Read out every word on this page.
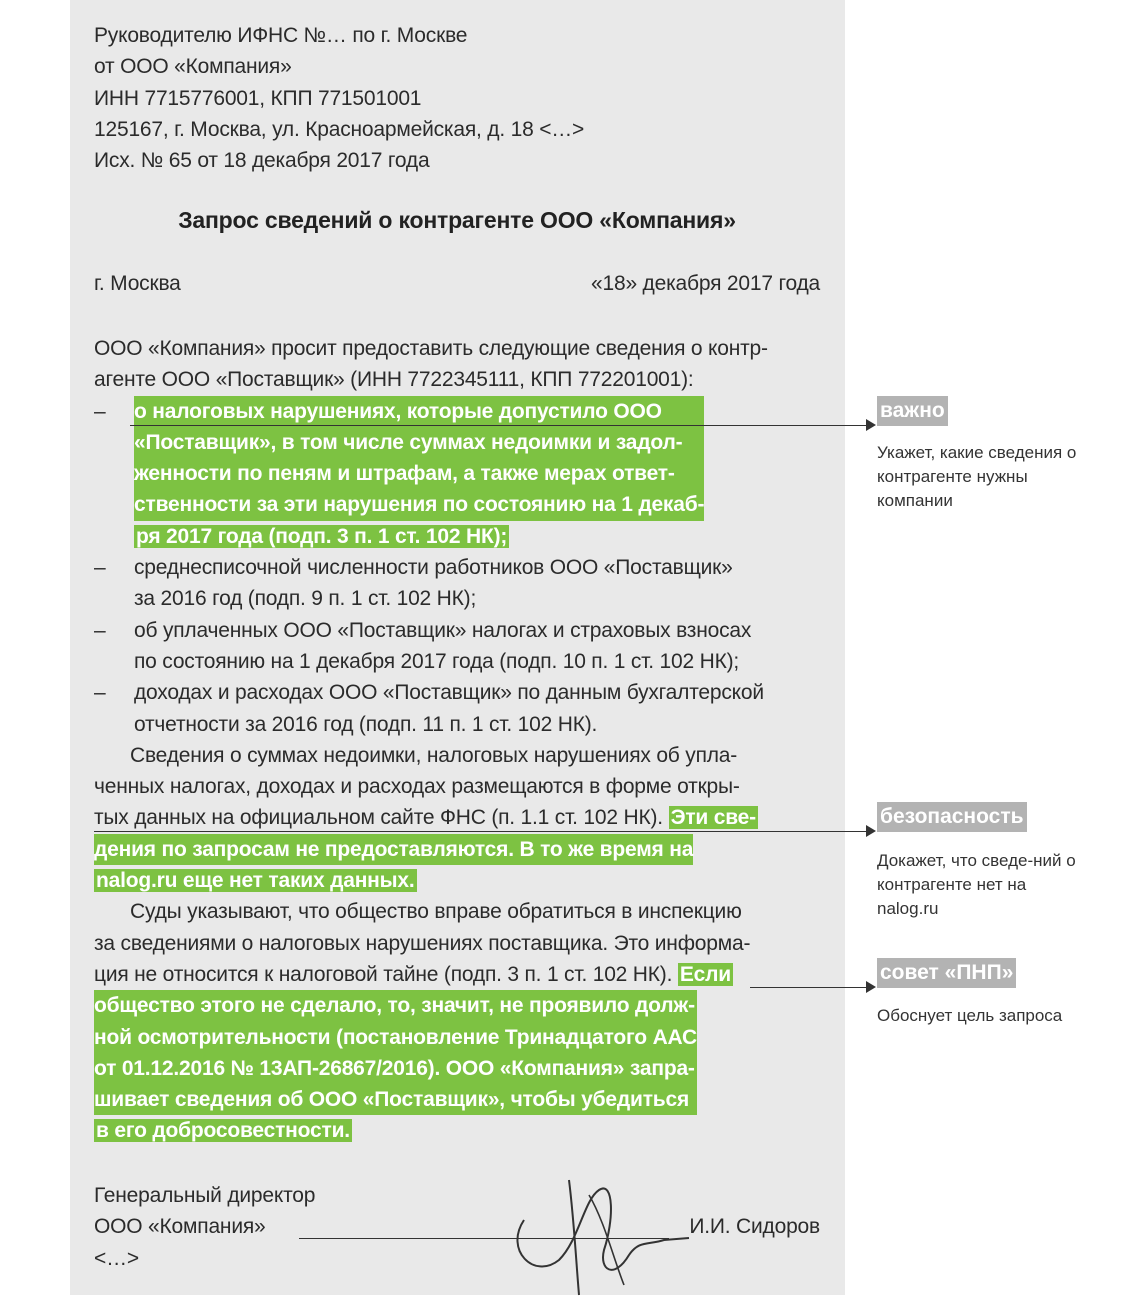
Руководителю ИФНС №… по г. Москве
от ООО «Компания»
ИНН 7715776001, КПП 771501001
125167, г. Москва, ул. Красноармейская, д. 18 <…>
Исх. № 65 от 18 декабря 2017 года
Запрос сведений о контрагенте ООО «Компания»
г. Москва	«18» декабря 2017 года
ООО «Компания» просит предоставить следующие сведения о контр-
агенте ООО «Поставщик» (ИНН 7722345111, КПП 772201001):
– о налоговых нарушениях, которые допустило ООО
«Поставщик», в том числе суммах недоимки и задол-
женности по пеням и штрафам, а также мерах ответ-
ственности за эти нарушения по состоянию на 1 декаб-

ря 2017 года (подп. 3 п. 1 ст. 102 НК);
– среднесписочной численности работников ООО «Поставщик»
за 2016 год (подп. 9 п. 1 ст. 102 НК);
– об уплаченных ООО «Поставщик» налогах и страховых взносах
по состоянию на 1 декабря 2017 года (подп. 10 п. 1 ст. 102 НК);
– доходах и расходах ООО «Поставщик» по данным бухгалтерской
отчетности за 2016 год (подп. 11 п. 1 ст. 102 НК).
Сведения о суммах недоимки, налоговых нарушениях об упла-
ченных налогах, доходах и расходах размещаются в форме откры-
тых данных на официальном сайте ФНС (п. 1.1 ст. 102 НК). Эти све-
дения по запросам не предоставляются. В то же время на

nalog.ru еще нет таких данных.
Суды указывают, что общество вправе обратиться в инспекцию
за сведениями о налоговых нарушениях поставщика. Это информа-
ция не относится к налоговой тайне (подп. 3 п. 1 ст. 102 НК). Если
общество этого не сделало, то, значит, не проявило долж-
ной осмотрительности (постановление Тринадцатого ААС
от 01.12.2016 № 13АП-26867/2016). ООО «Компания» запра-
шивает сведения об ООО «Поставщик», чтобы убедиться

в его добросовестности.
Генеральный директор
ООО «Компания»
<…>
И.И. Сидоров
важно
Укажет, какие сведения о контрагенте нужны компании
безопасность
Докажет, что сведе-ний о контрагенте нет на nalog.ru
совет «ПНП»
Обоснует цель запроса
